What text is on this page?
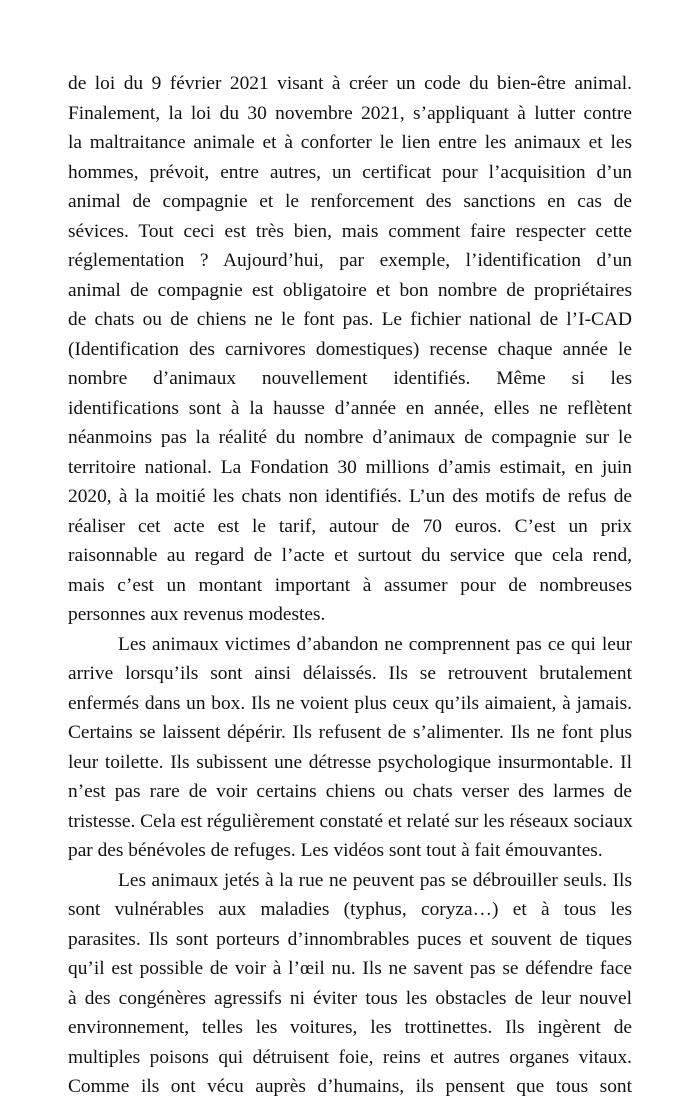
de loi du 9 février 2021 visant à créer un code du bien-être animal.
Finalement, la loi du 30 novembre 2021, s’appliquant à lutter contre
la maltraitance animale et à conforter le lien entre les animaux et les
hommes, prévoit, entre autres, un certificat pour l’acquisition d’un
animal de compagnie et le renforcement des sanctions en cas de
sévices. Tout ceci est très bien, mais comment faire respecter cette
réglementation ? Aujourd’hui, par exemple, l’identification d’un
animal de compagnie est obligatoire et bon nombre de propriétaires
de chats ou de chiens ne le font pas. Le fichier national de l’I-CAD
(Identification des carnivores domestiques) recense chaque année le
nombre d’animaux nouvellement identifiés. Même si les
identifications sont à la hausse d’année en année, elles ne reflètent
néanmoins pas la réalité du nombre d’animaux de compagnie sur le
territoire national. La Fondation 30 millions d’amis estimait, en juin
2020, à la moitié les chats non identifiés. L’un des motifs de refus de
réaliser cet acte est le tarif, autour de 70 euros. C’est un prix
raisonnable au regard de l’acte et surtout du service que cela rend,
mais c’est un montant important à assumer pour de nombreuses
personnes aux revenus modestes.
Les animaux victimes d’abandon ne comprennent pas ce qui leur
arrive lorsqu’ils sont ainsi délaissés. Ils se retrouvent brutalement
enfermés dans un box. Ils ne voient plus ceux qu’ils aimaient, à jamais.
Certains se laissent dépérir. Ils refusent de s’alimenter. Ils ne font plus
leur toilette. Ils subissent une détresse psychologique insurmontable. Il
n’est pas rare de voir certains chiens ou chats verser des larmes de
tristesse. Cela est régulièrement constaté et relaté sur les réseaux sociaux
par des bénévoles de refuges. Les vidéos sont tout à fait émouvantes.
Les animaux jetés à la rue ne peuvent pas se débrouiller seuls. Ils
sont vulnérables aux maladies (typhus, coryza…) et à tous les
parasites. Ils sont porteurs d’innombrables puces et souvent de tiques
qu’il est possible de voir à l’œil nu. Ils ne savent pas se défendre face
à des congénères agressifs ni éviter tous les obstacles de leur nouvel
environnement, telles les voitures, les trottinettes. Ils ingèrent de
multiples poisons qui détruisent foie, reins et autres organes vitaux.
Comme ils ont vécu auprès d’humains, ils pensent que tous sont
